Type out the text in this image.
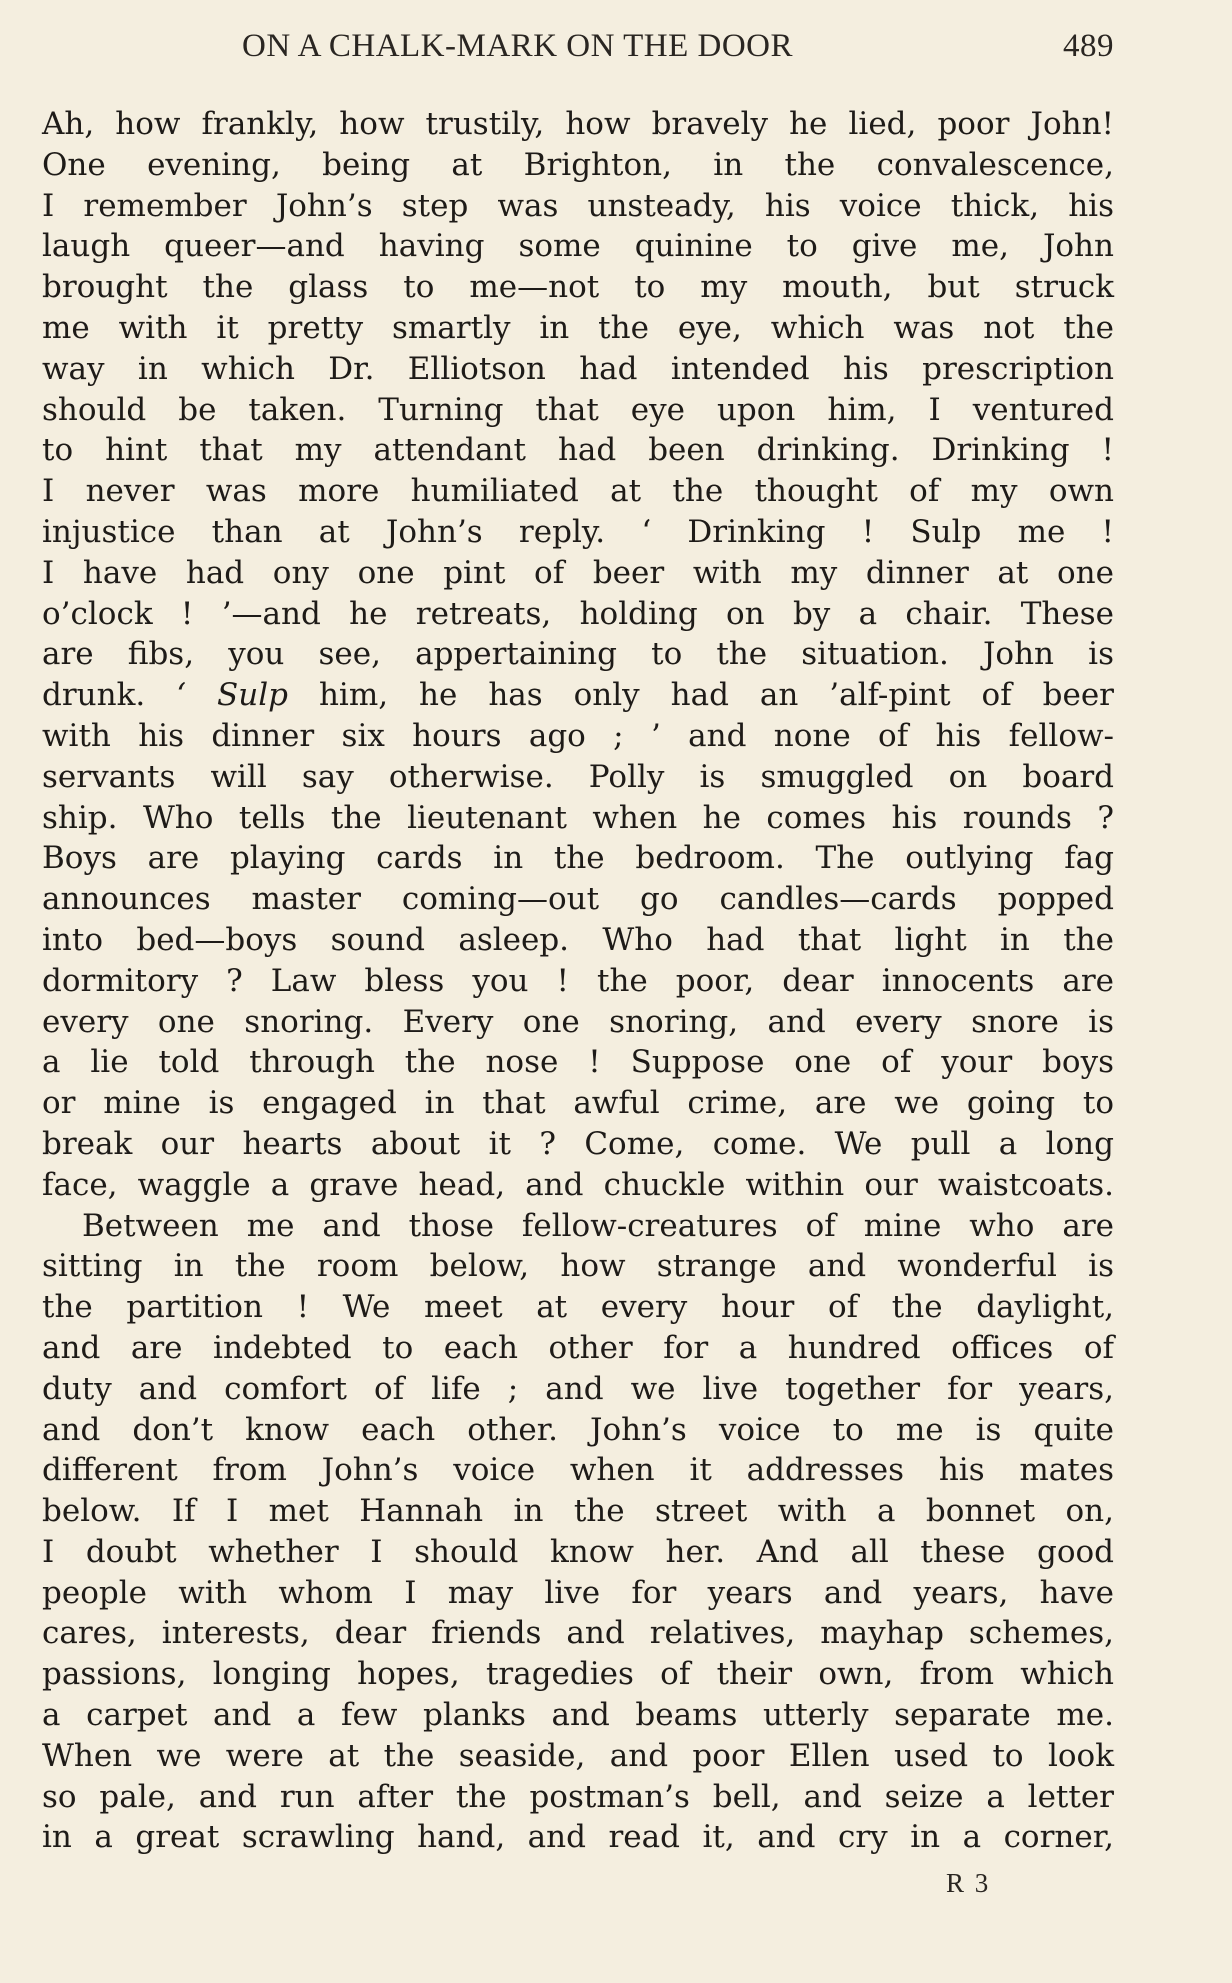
ON A CHALK-MARK ON THE DOOR	489
Ah, how frankly, how trustily, how bravely he lied, poor John!
One evening, being at Brighton, in the convalescence,
I remember John’s step was unsteady, his voice thick, his
laugh queer—and having some quinine to give me, John
brought the glass to me—not to my mouth, but struck
me with it pretty smartly in the eye, which was not the
way in which Dr. Elliotson had intended his prescription
should be taken. Turning that eye upon him, I ventured
to hint that my attendant had been drinking. Drinking !
I never was more humiliated at the thought of my own
injustice than at John’s reply. ‘ Drinking ! Sulp me !
I have had ony one pint of beer with my dinner at one
o’clock ! ’—and he retreats, holding on by a chair. These
are fibs, you see, appertaining to the situation. John is
drunk. ‘ Sulp him, he has only had an ’alf-pint of beer
with his dinner six hours ago ; ’ and none of his fellow-
servants will say otherwise. Polly is smuggled on board
ship. Who tells the lieutenant when he comes his rounds ?
Boys are playing cards in the bedroom. The outlying fag
announces master coming—out go candles—cards popped
into bed—boys sound asleep. Who had that light in the
dormitory ? Law bless you ! the poor, dear innocents are
every one snoring. Every one snoring, and every snore is
a lie told through the nose ! Suppose one of your boys
or mine is engaged in that awful crime, are we going to
break our hearts about it ? Come, come. We pull a long
face, waggle a grave head, and chuckle within our waistcoats.
Between me and those fellow-creatures of mine who are
sitting in the room below, how strange and wonderful is
the partition ! We meet at every hour of the daylight,
and are indebted to each other for a hundred offices of
duty and comfort of life ; and we live together for years,
and don’t know each other. John’s voice to me is quite
different from John’s voice when it addresses his mates
below. If I met Hannah in the street with a bonnet on,
I doubt whether I should know her. And all these good
people with whom I may live for years and years, have
cares, interests, dear friends and relatives, mayhap schemes,
passions, longing hopes, tragedies of their own, from which
a carpet and a few planks and beams utterly separate me.
When we were at the seaside, and poor Ellen used to look
so pale, and run after the postman’s bell, and seize a letter
in a great scrawling hand, and read it, and cry in a corner,
R 3
